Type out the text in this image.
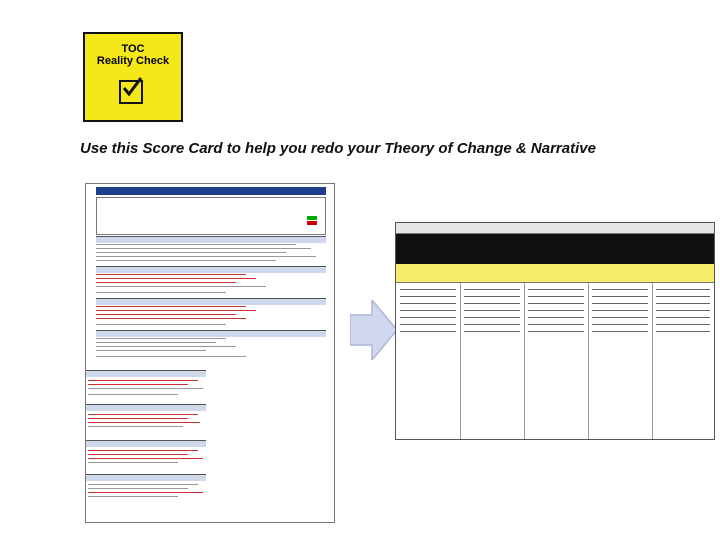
TOC
Reality Check
Use this Score Card to help you redo your Theory of Change & Narrative
